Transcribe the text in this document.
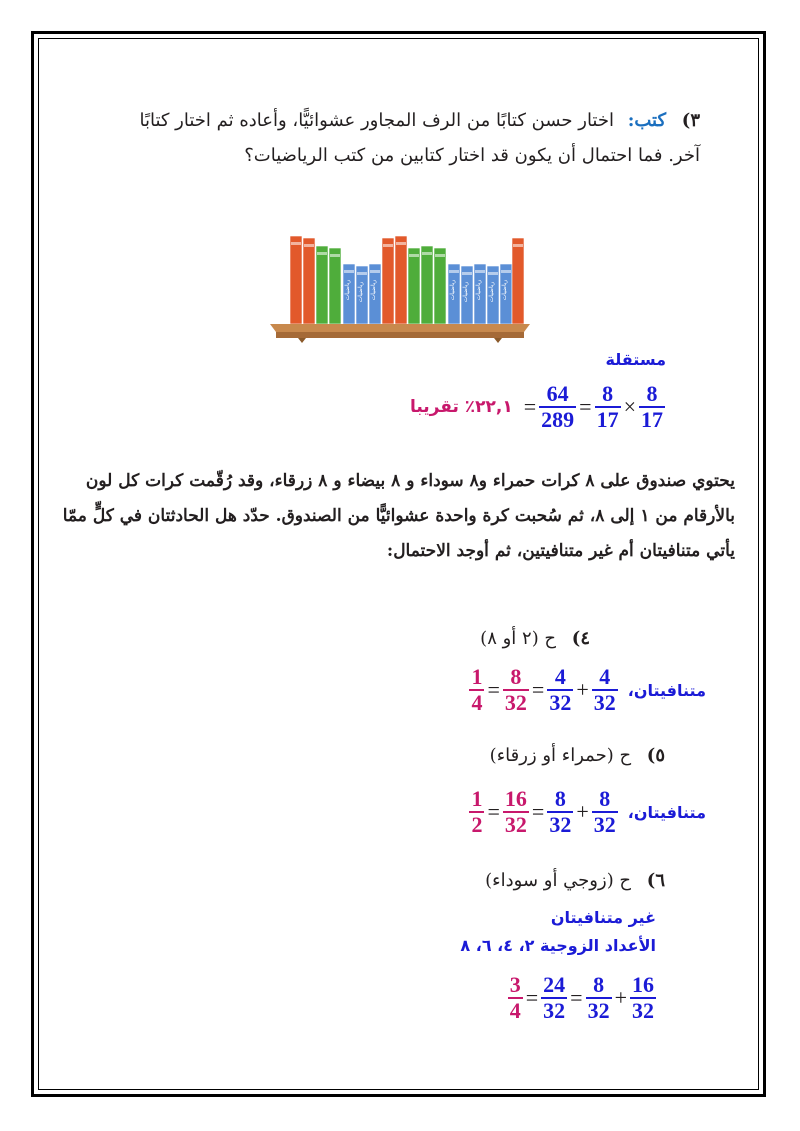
٣) كتب: اختار حسن كتابًا من الرف المجاور عشوائيًّا، وأعاده ثم اختار كتابًا آخر. فما احتمال أن يكون قد اختار كتابين من كتب الرياضيات؟
رياضيات رياضيات رياضيات	رياضيات رياضيات رياضيات رياضيات رياضيات
مستقلة
٢٢,١٪ تقريبا = $\frac{64}{289} = \frac{8}{17} \times \frac{8}{17}$
يحتوي صندوق على ٨ كرات حمراء و٨ سوداء و ٨ بيضاء و ٨ زرقاء، وقد رُقّمت كرات كل لون بالأرقام من ١ إلى ٨، ثم سُحبت كرة واحدة عشوائيًّا من الصندوق. حدّد هل الحادثتان في كلٍّ ممّا يأتي متنافيتان أم غير متنافيتين، ثم أوجد الاحتمال:
٤) ح (٢ أو ٨)
$\frac{1}{4} = \frac{8}{32} = \frac{4}{32} + \frac{4}{32}$ متنافيتان،
٥) ح (حمراء أو زرقاء)
$\frac{1}{2} = \frac{16}{32} = \frac{8}{32} + \frac{8}{32}$ متنافيتان،
٦) ح (زوجي أو سوداء)
غير متنافيتان
الأعداد الزوجية ٢، ٤، ٦، ٨
$\frac{3}{4} = \frac{24}{32} = \frac{8}{32} + \frac{16}{32}$
